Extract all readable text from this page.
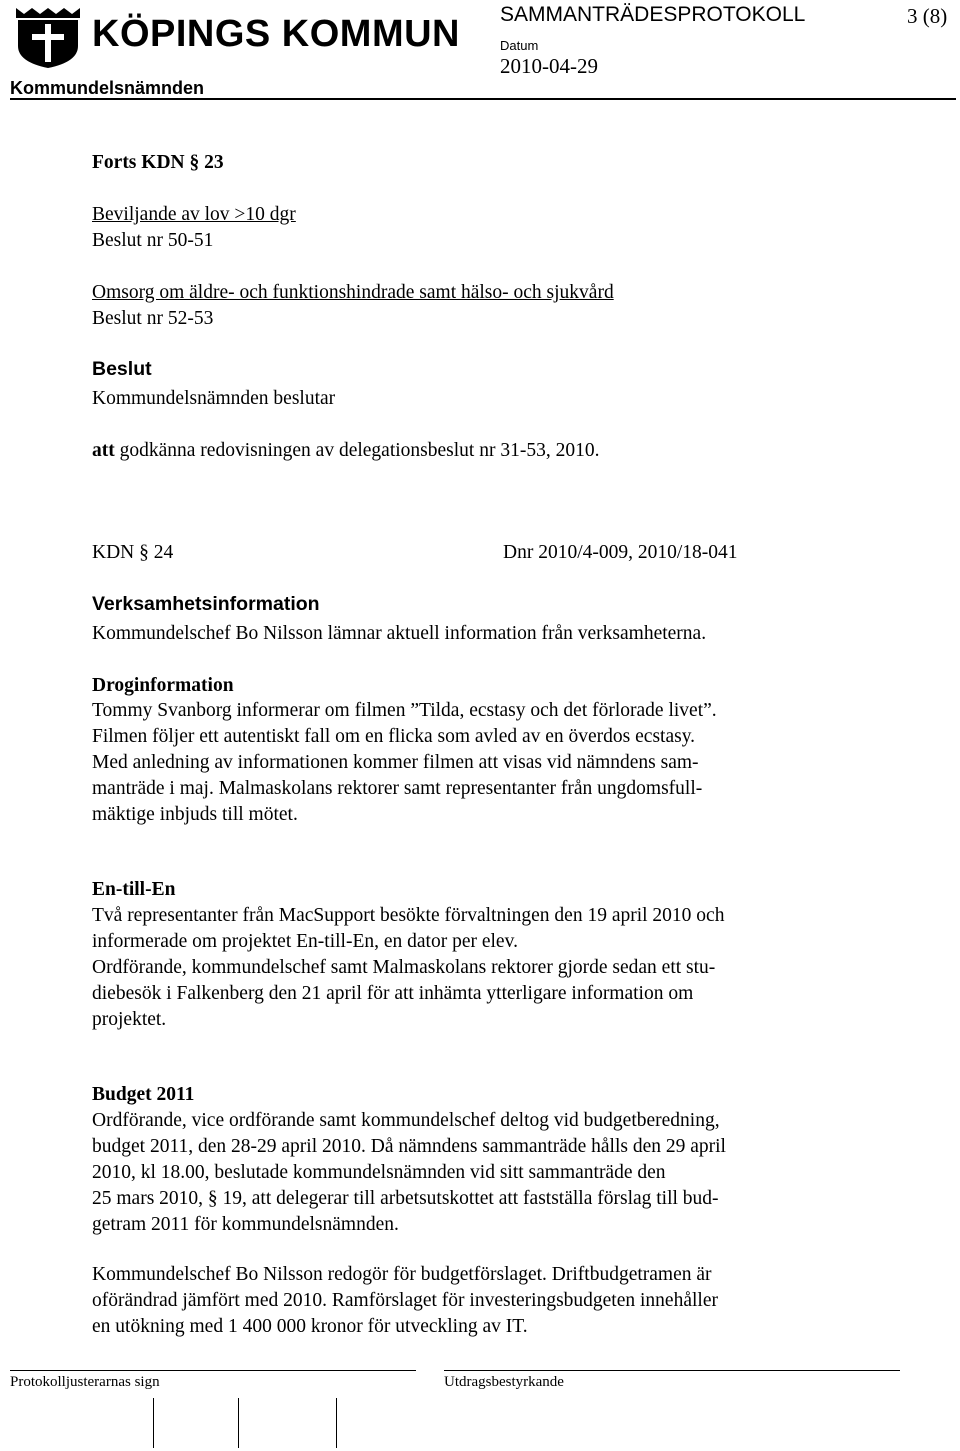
KÖPINGS KOMMUN SAMMANTRÄDESPROTOKOLL	3 (8)
Datum
2010-04-29
Kommundelsnämnden
Forts KDN § 23
Beviljande av lov >10 dgr
Beslut nr 50-51
Omsorg om äldre- och funktionshindrade samt hälso- och sjukvård
Beslut nr 52-53
Beslut
Kommundelsnämnden beslutar
att godkänna redovisningen av delegationsbeslut nr 31-53, 2010.
KDN § 24	Dnr 2010/4-009, 2010/18-041
Verksamhetsinformation
Kommundelschef Bo Nilsson lämnar aktuell information från verksamheterna.
Droginformation
Tommy Svanborg informerar om filmen ”Tilda, ecstasy och det förlorade livet”.
Filmen följer ett autentiskt fall om en flicka som avled av en överdos ecstasy.
Med anledning av informationen kommer filmen att visas vid nämndens sam-
manträde i maj. Malmaskolans rektorer samt representanter från ungdomsfull-
mäktige inbjuds till mötet.
En-till-En
Två representanter från MacSupport besökte förvaltningen den 19 april 2010 och
informerade om projektet En-till-En, en dator per elev.
Ordförande, kommundelschef samt Malmaskolans rektorer gjorde sedan ett stu-
diebesök i Falkenberg den 21 april för att inhämta ytterligare information om
projektet.
Budget 2011
Ordförande, vice ordförande samt kommundelschef deltog vid budgetberedning,
budget 2011, den 28-29 april 2010. Då nämndens sammanträde hålls den 29 april
2010, kl 18.00, beslutade kommundelsnämnden vid sitt sammanträde den
25 mars 2010, § 19, att delegerar till arbetsutskottet att fastställa förslag till bud-
getram 2011 för kommundelsnämnden.
Kommundelschef Bo Nilsson redogör för budgetförslaget. Driftbudgetramen är
oförändrad jämfört med 2010. Ramförslaget för investeringsbudgeten innehåller
en utökning med 1 400 000 kronor för utveckling av IT.
Protokolljusterarnas sign	Utdragsbestyrkande
